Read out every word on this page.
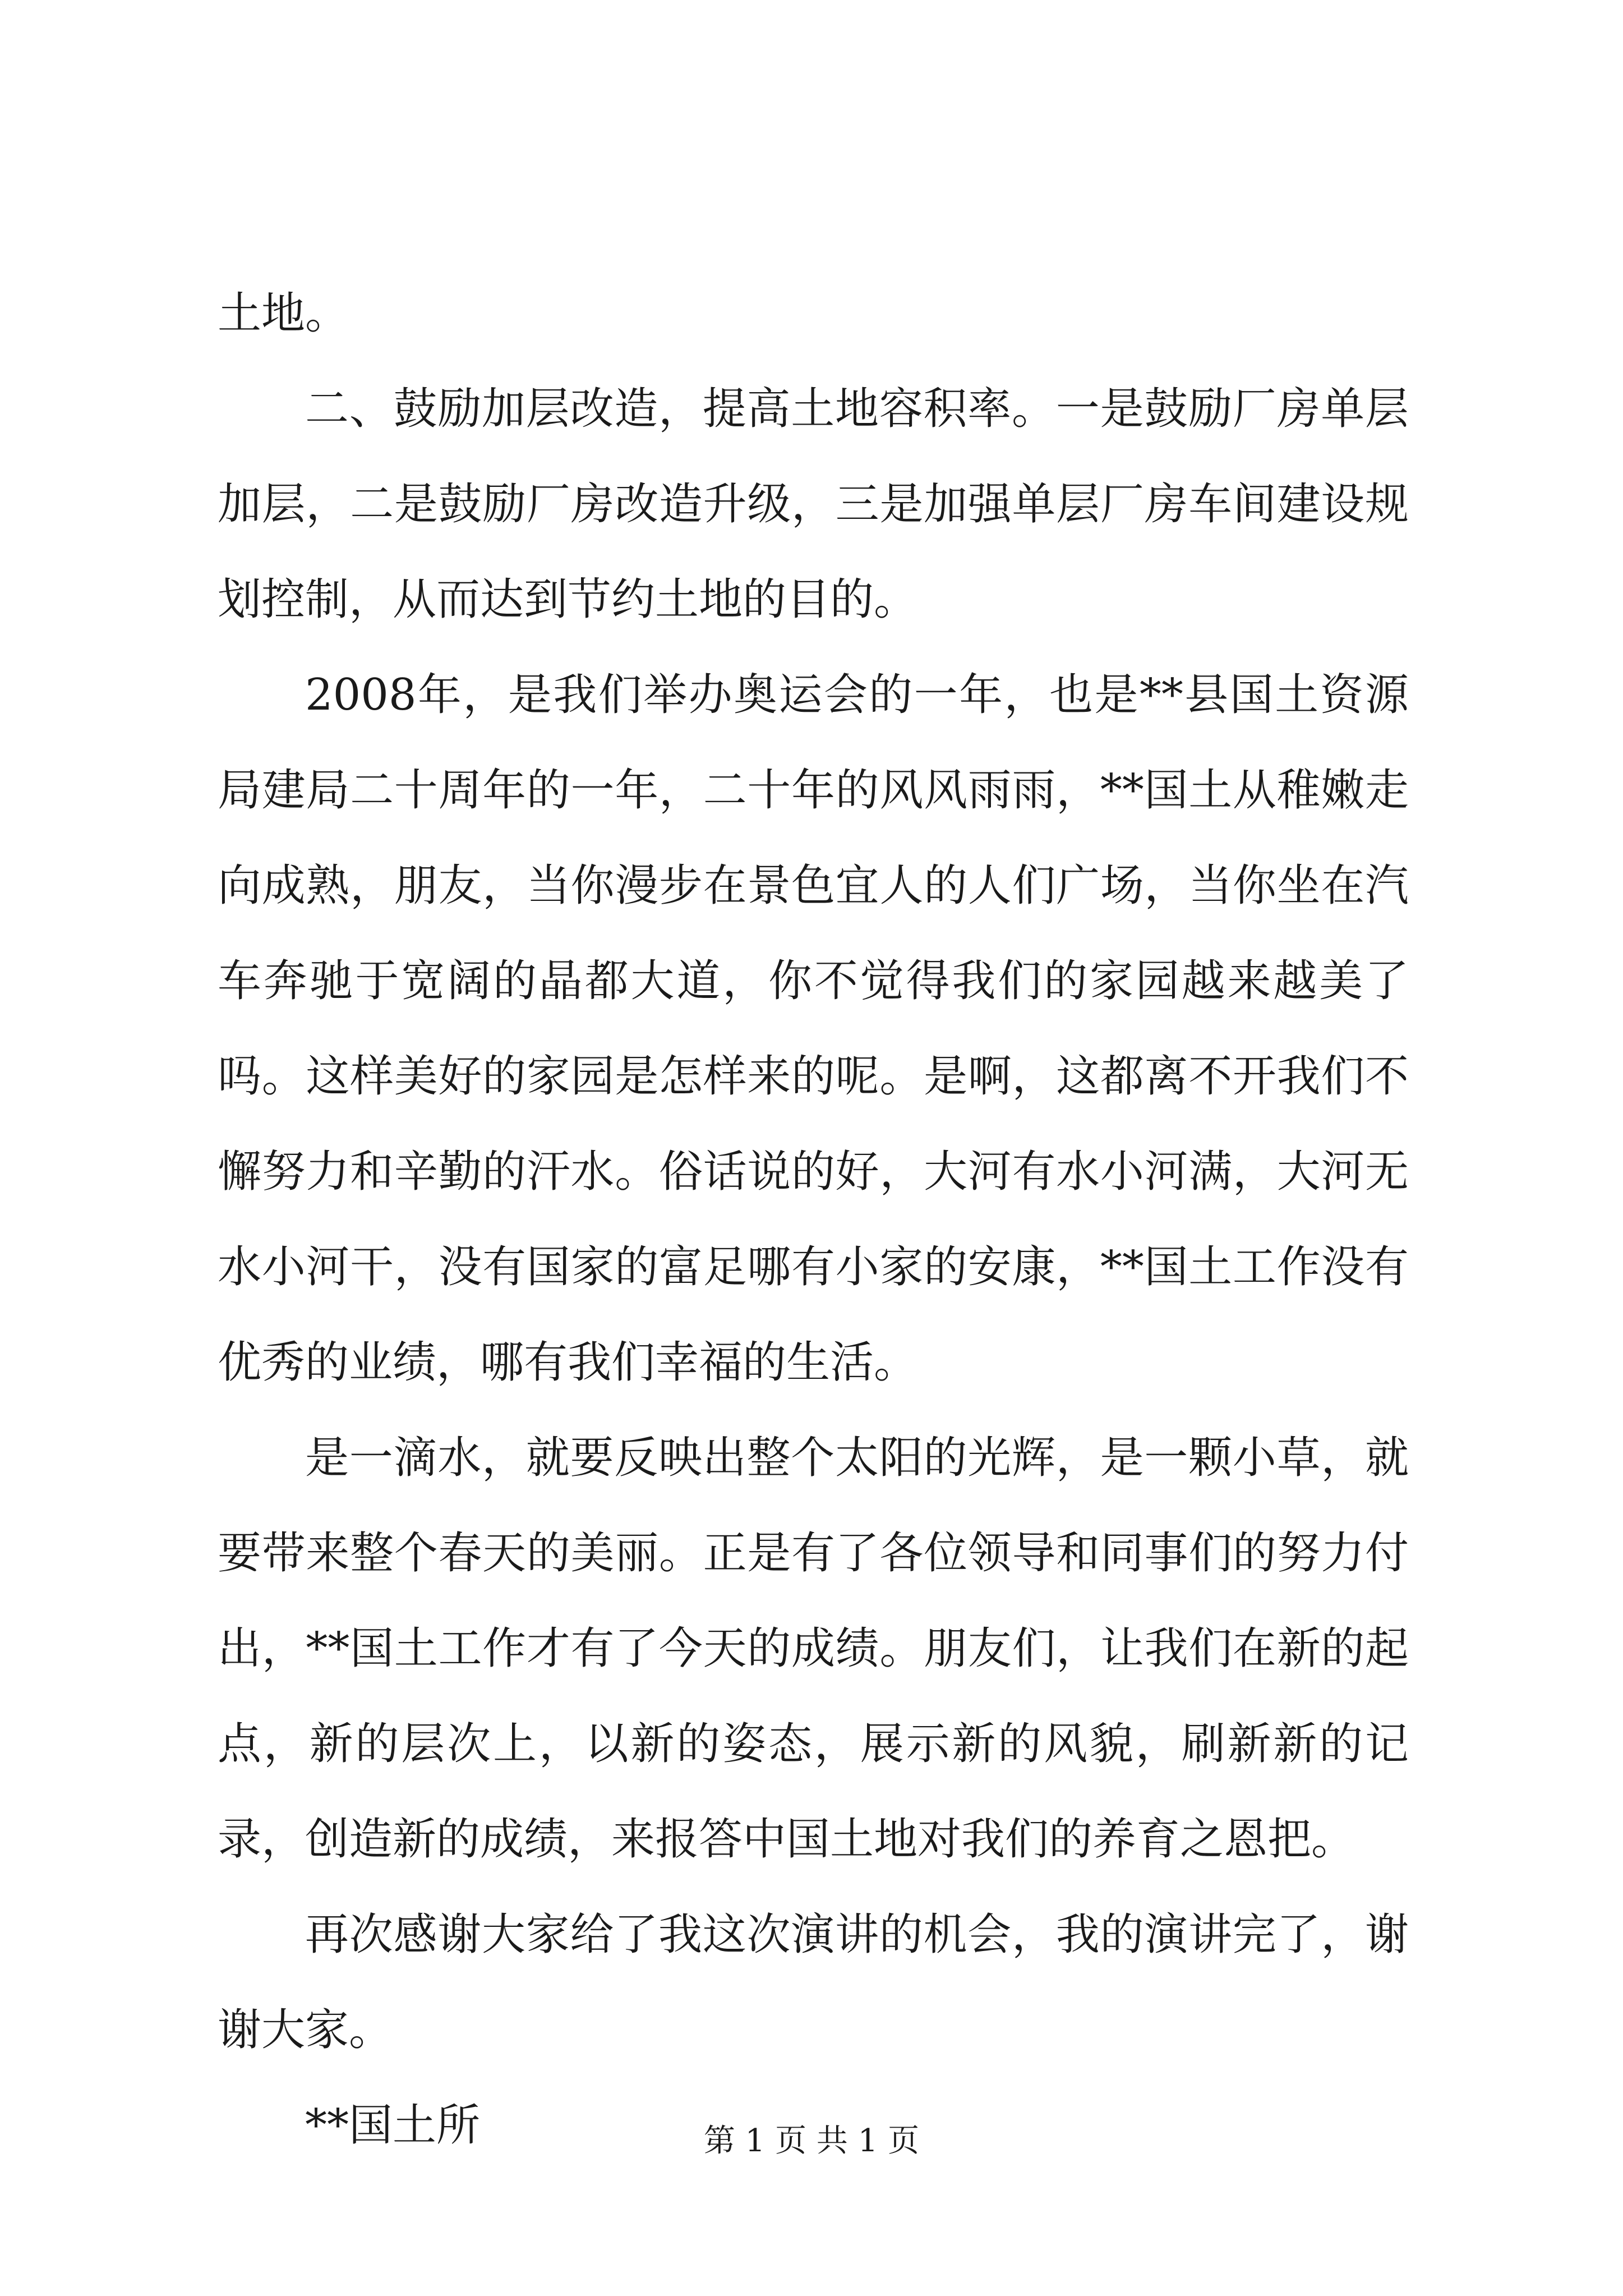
土地。

二、鼓励加层改造，提高土地容积率。一是鼓励厂房单层加层，二是鼓励厂房改造升级，三是加强单层厂房车间建设规划控制，从而达到节约土地的目的。

2008年，是我们举办奥运会的一年，也是**县国土资源局建局二十周年的一年，二十年的风风雨雨，**国土从稚嫩走向成熟，朋友，当你漫步在景色宜人的人们广场，当你坐在汽车奔驰于宽阔的晶都大道，你不觉得我们的家园越来越美了吗。这样美好的家园是怎样来的呢。是啊，这都离不开我们不懈努力和辛勤的汗水。俗话说的好，大河有水小河满，大河无水小河干，没有国家的富足哪有小家的安康，**国土工作没有优秀的业绩，哪有我们幸福的生活。

是一滴水，就要反映出整个太阳的光辉，是一颗小草，就要带来整个春天的美丽。正是有了各位领导和同事们的努力付出，**国土工作才有了今天的成绩。朋友们，让我们在新的起点，新的层次上，以新的姿态，展示新的风貌，刷新新的记录，创造新的成绩，来报答中国土地对我们的养育之恩把。

再次感谢大家给了我这次演讲的机会，我的演讲完了，谢谢大家。

**国土所	第 1 页 共 1 页
